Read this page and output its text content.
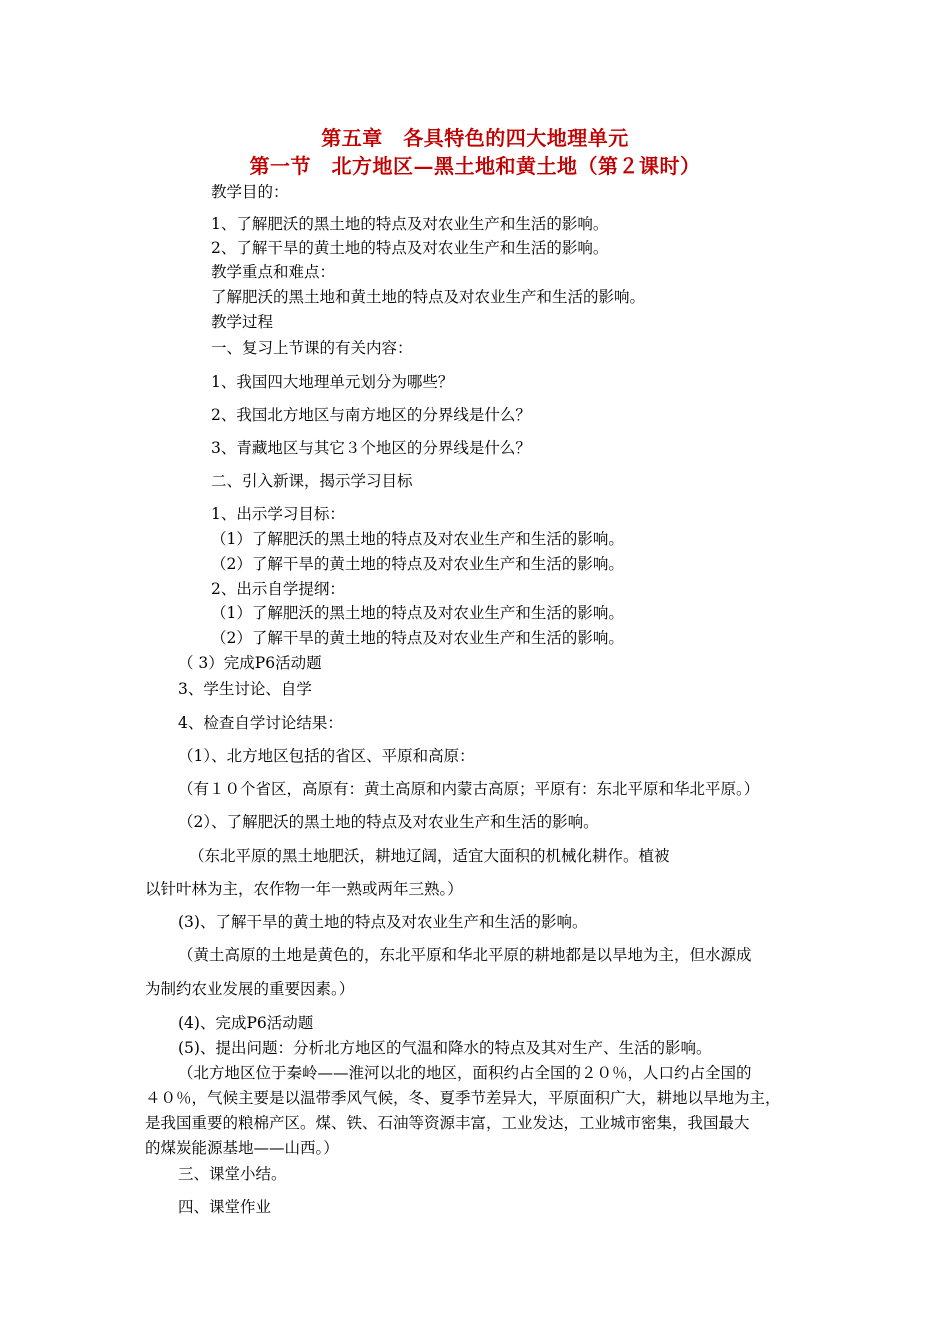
第五章　各具特色的四大地理单元
第一节　北方地区—黑土地和黄土地（第２课时）
教学目的：
1、了解肥沃的黑土地的特点及对农业生产和生活的影响。
2、了解干旱的黄土地的特点及对农业生产和生活的影响。
教学重点和难点：
了解肥沃的黑土地和黄土地的特点及对农业生产和生活的影响。
教学过程
一、复习上节课的有关内容：
1、我国四大地理单元划分为哪些？
2、我国北方地区与南方地区的分界线是什么？
3、青藏地区与其它３个地区的分界线是什么？
二、引入新课，揭示学习目标
1、出示学习目标：
（1）了解肥沃的黑土地的特点及对农业生产和生活的影响。
（2）了解干旱的黄土地的特点及对农业生产和生活的影响。
2、出示自学提纲：
（1）了解肥沃的黑土地的特点及对农业生产和生活的影响。
（2）了解干旱的黄土地的特点及对农业生产和生活的影响。
（ 3）完成P6活动题
3、学生讨论、自学
4、检查自学讨论结果：
（1）、北方地区包括的省区、平原和高原：
（有１０个省区，高原有：黄土高原和内蒙古高原；平原有：东北平原和华北平原。）
（2）、了解肥沃的黑土地的特点及对农业生产和生活的影响。
（东北平原的黑土地肥沃，耕地辽阔，适宜大面积的机械化耕作。植被
以针叶林为主，农作物一年一熟或两年三熟。）
(3)、了解干旱的黄土地的特点及对农业生产和生活的影响。
（黄土高原的土地是黄色的，东北平原和华北平原的耕地都是以旱地为主，但水源成
为制约农业发展的重要因素。）
(4)、完成P6活动题
(5)、提出问题：分析北方地区的气温和降水的特点及其对生产、生活的影响。
（北方地区位于秦岭——淮河以北的地区，面积约占全国的２０％，人口约占全国的
４０％，气候主要是以温带季风气候，冬、夏季节差异大，平原面积广大，耕地以旱地为主，
是我国重要的粮棉产区。煤、铁、石油等资源丰富，工业发达，工业城市密集，我国最大
的煤炭能源基地——山西。）
三、课堂小结。
四、课堂作业
